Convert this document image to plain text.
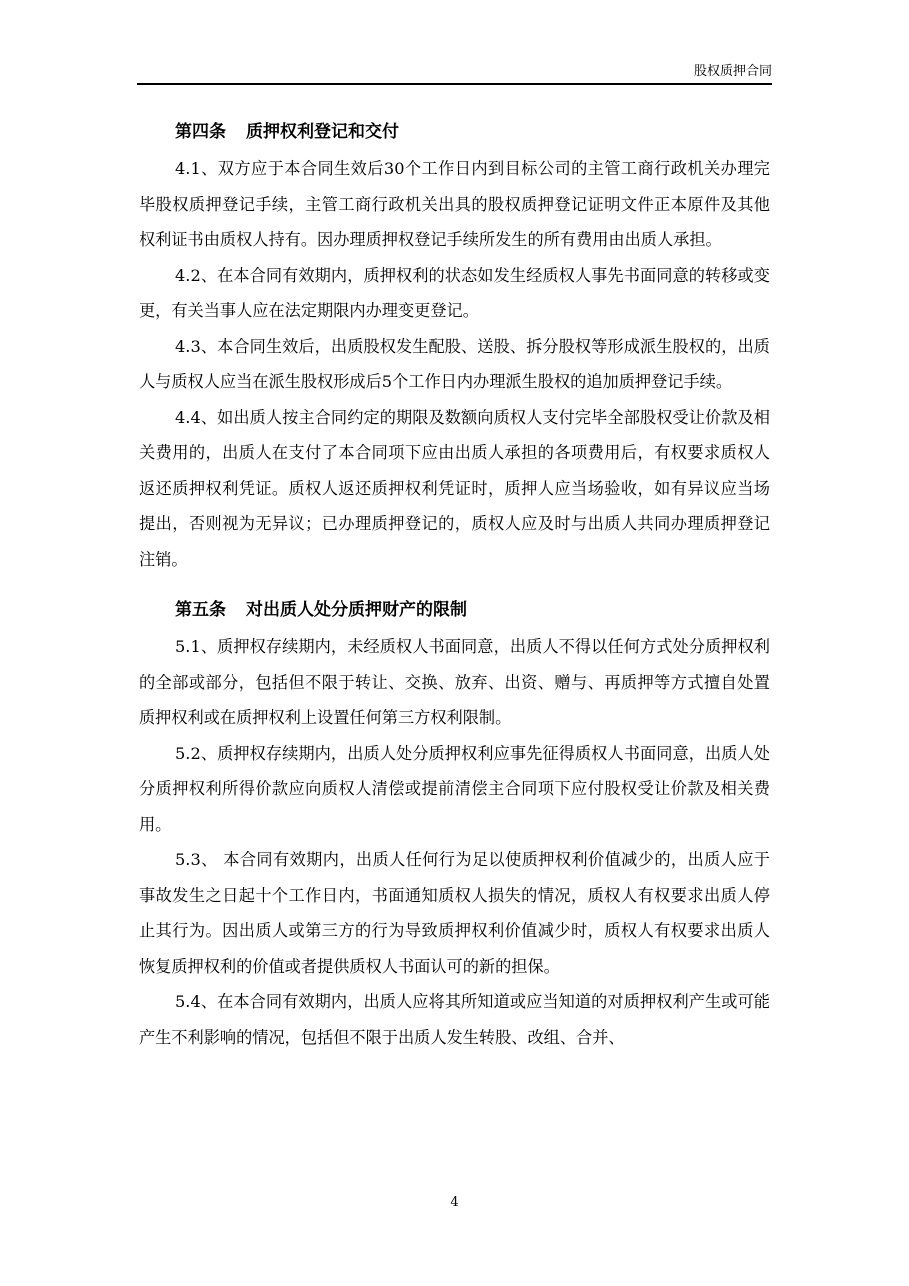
股权质押合同
第四条 质押权利登记和交付

4.1、双方应于本合同生效后30个工作日内到目标公司的主管工商行政机关办理完毕股权质押登记手续，主管工商行政机关出具的股权质押登记证明文件正本原件及其他权利证书由质权人持有。因办理质押权登记手续所发生的所有费用由出质人承担。

4.2、在本合同有效期内，质押权利的状态如发生经质权人事先书面同意的转移或变更，有关当事人应在法定期限内办理变更登记。

4.3、本合同生效后，出质股权发生配股、送股、拆分股权等形成派生股权的，出质人与质权人应当在派生股权形成后5个工作日内办理派生股权的追加质押登记手续。

4.4、如出质人按主合同约定的期限及数额向质权人支付完毕全部股权受让价款及相关费用的，出质人在支付了本合同项下应由出质人承担的各项费用后，有权要求质权人返还质押权利凭证。质权人返还质押权利凭证时，质押人应当场验收，如有异议应当场提出，否则视为无异议；已办理质押登记的，质权人应及时与出质人共同办理质押登记注销。

第五条 对出质人处分质押财产的限制

5.1、质押权存续期内，未经质权人书面同意，出质人不得以任何方式处分质押权利的全部或部分，包括但不限于转让、交换、放弃、出资、赠与、再质押等方式擅自处置质押权利或在质押权利上设置任何第三方权利限制。

5.2、质押权存续期内，出质人处分质押权利应事先征得质权人书面同意，出质人处分质押权利所得价款应向质权人清偿或提前清偿主合同项下应付股权受让价款及相关费用。

5.3、 本合同有效期内，出质人任何行为足以使质押权利价值减少的，出质人应于事故发生之日起十个工作日内，书面通知质权人损失的情况，质权人有权要求出质人停止其行为。因出质人或第三方的行为导致质押权利价值减少时，质权人有权要求出质人恢复质押权利的价值或者提供质权人书面认可的新的担保。

5.4、在本合同有效期内，出质人应将其所知道或应当知道的对质押权利产生或可能产生不利影响的情况，包括但不限于出质人发生转股、改组、合并、

4
